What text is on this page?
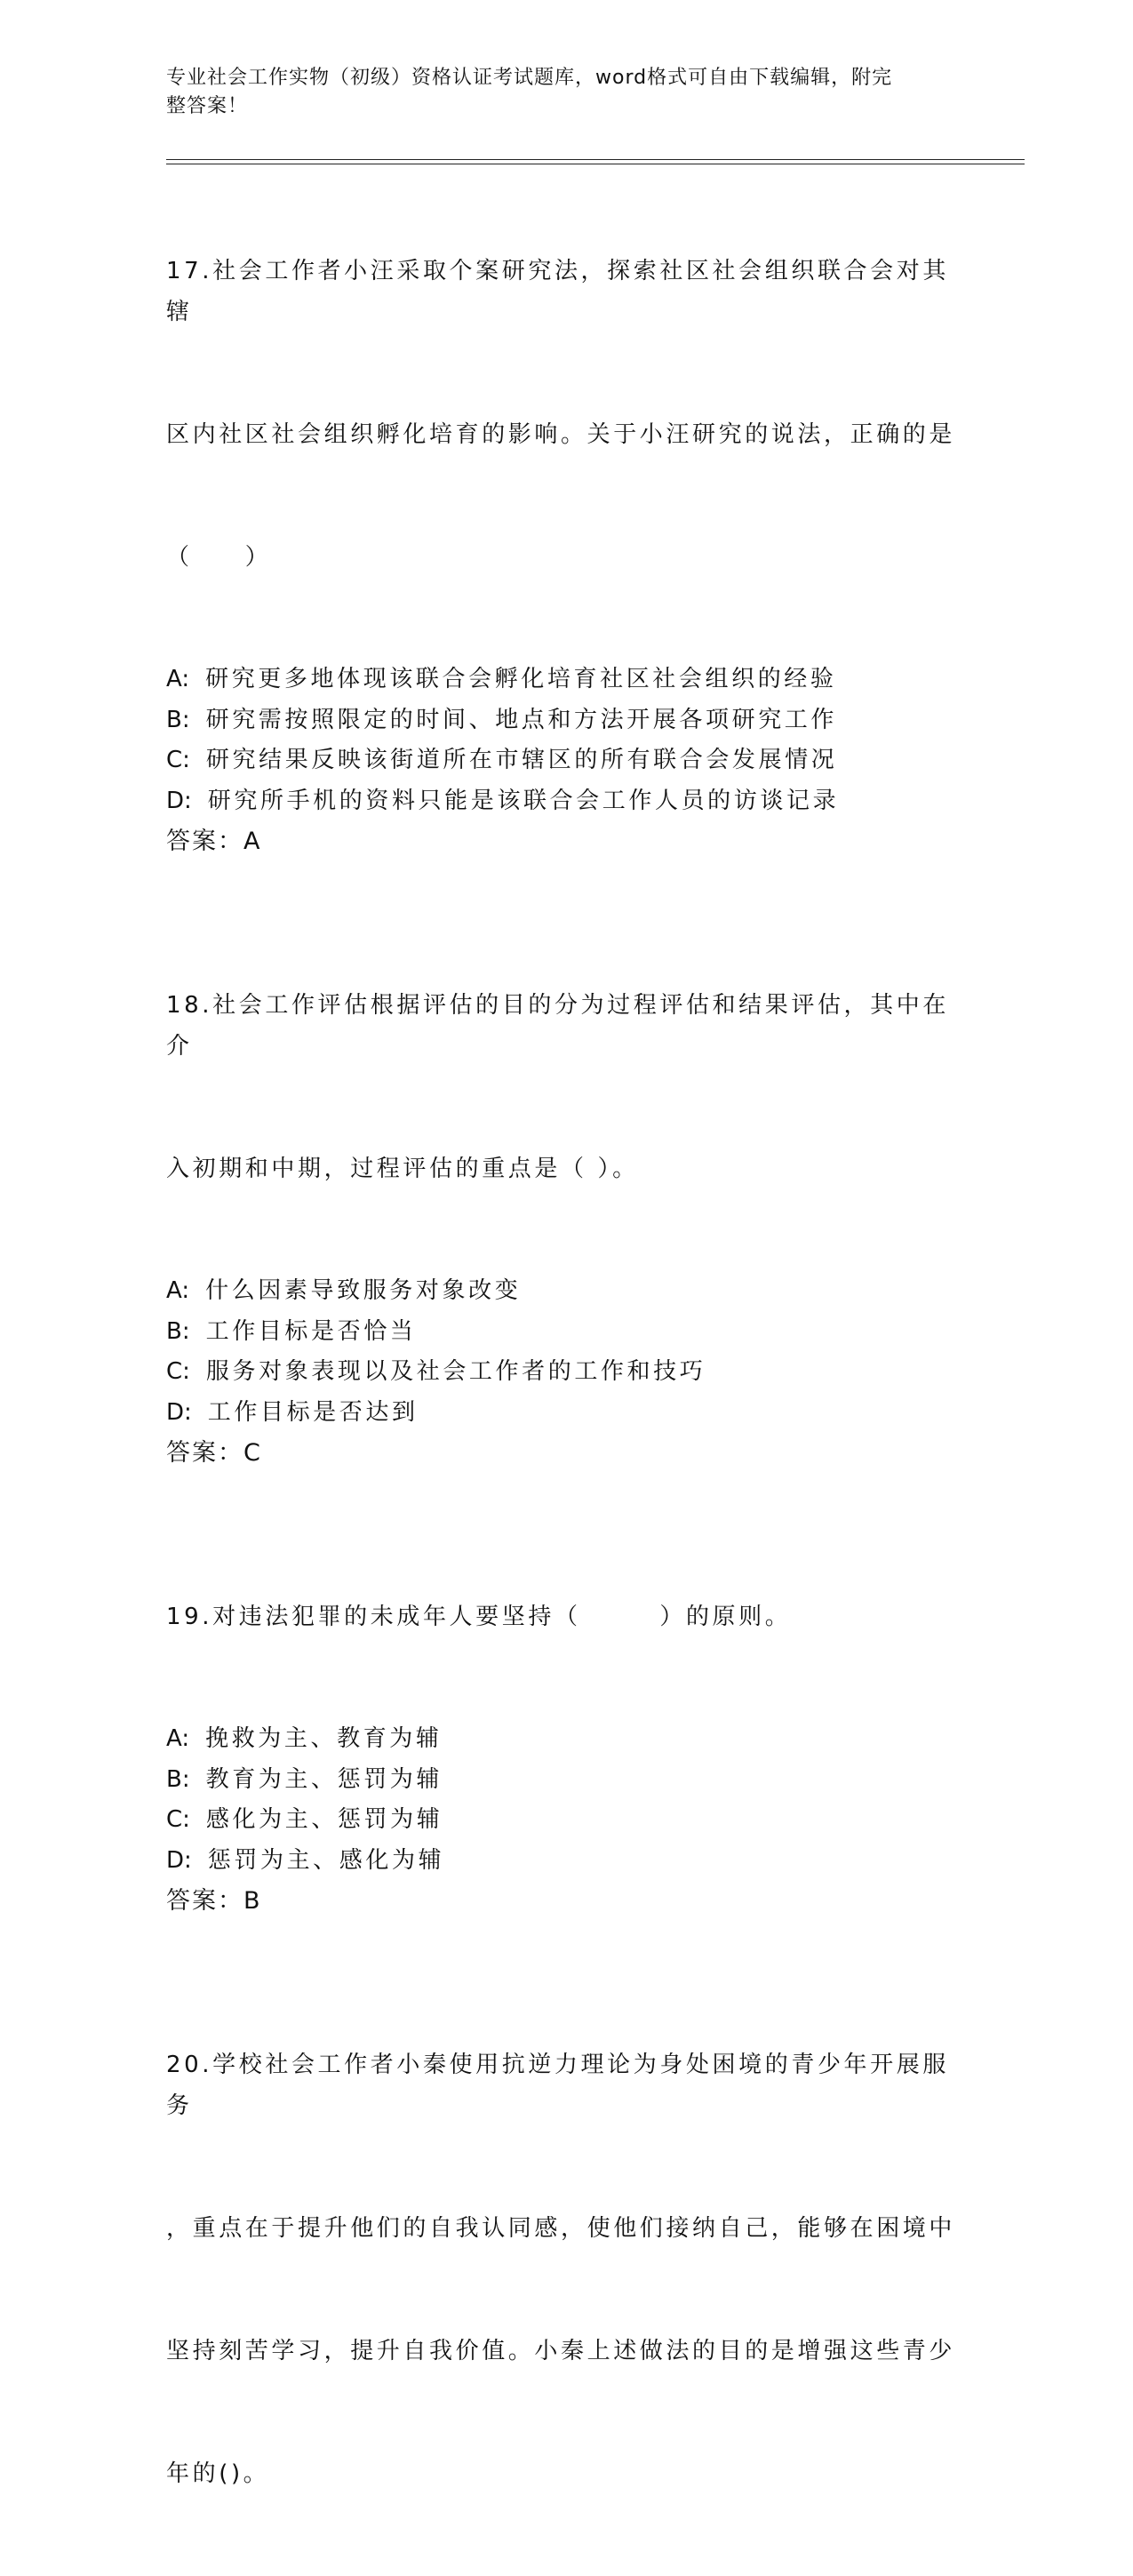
专业社会工作实物（初级）资格认证考试题库，word格式可自由下载编辑，附完
整答案！

17.社会工作者小汪采取个案研究法，探索社区社会组织联合会对其辖

区内社区社会组织孵化培育的影响。关于小汪研究的说法，正确的是

（　　）

A: 研究更多地体现该联合会孵化培育社区社会组织的经验
B: 研究需按照限定的时间、地点和方法开展各项研究工作
C: 研究结果反映该街道所在市辖区的所有联合会发展情况
D: 研究所手机的资料只能是该联合会工作人员的访谈记录
答案：A

18.社会工作评估根据评估的目的分为过程评估和结果评估，其中在介

入初期和中期，过程评估的重点是（ ）。

A: 什么因素导致服务对象改变
B: 工作目标是否恰当
C: 服务对象表现以及社会工作者的工作和技巧
D: 工作目标是否达到
答案：C

19.对违法犯罪的未成年人要坚持（　　　）的原则。

A: 挽救为主、教育为辅
B: 教育为主、惩罚为辅
C: 感化为主、惩罚为辅
D: 惩罚为主、感化为辅
答案：B

20.学校社会工作者小秦使用抗逆力理论为身处困境的青少年开展服务

，重点在于提升他们的自我认同感，使他们接纳自己，能够在困境中

坚持刻苦学习，提升自我价值。小秦上述做法的目的是增强这些青少

年的()。
